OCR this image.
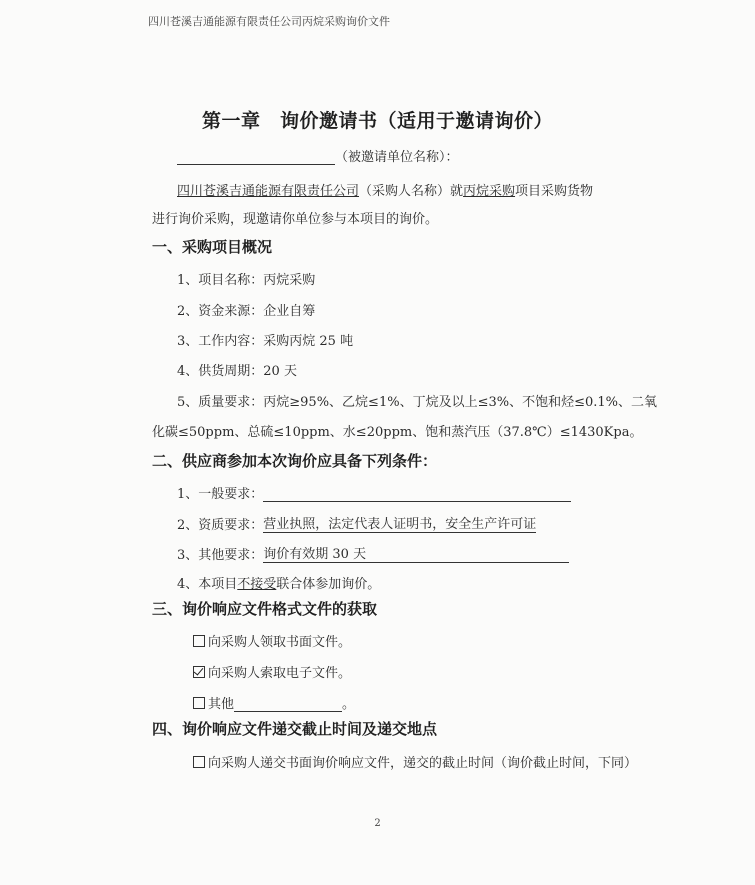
四川苍溪吉通能源有限责任公司丙烷采购询价文件
第一章　询价邀请书（适用于邀请询价）
（被邀请单位名称）：
四川苍溪吉通能源有限责任公司（采购人名称）就丙烷采购项目采购货物
进行询价采购，现邀请你单位参与本项目的询价。
一、采购项目概况
1、项目名称：丙烷采购
2、资金来源：企业自筹
3、工作内容：采购丙烷 25 吨
4、供货周期：20 天
5、质量要求：丙烷≥95%、乙烷≤1%、丁烷及以上≤3%、不饱和烃≤0.1%、二氧
化碳≤50ppm、总硫≤10ppm、水≤20ppm、饱和蒸汽压（37.8℃）≤1430Kpa。
二、供应商参加本次询价应具备下列条件：
1、一般要求：
2、资质要求：营业执照，法定代表人证明书，安全生产许可证
3、其他要求：询价有效期 30 天
4、本项目不接受联合体参加询价。
三、询价响应文件格式文件的获取
向采购人领取书面文件。
向采购人索取电子文件。
其他	。
四、询价响应文件递交截止时间及递交地点
向采购人递交书面询价响应文件，递交的截止时间（询价截止时间，下同）
2
